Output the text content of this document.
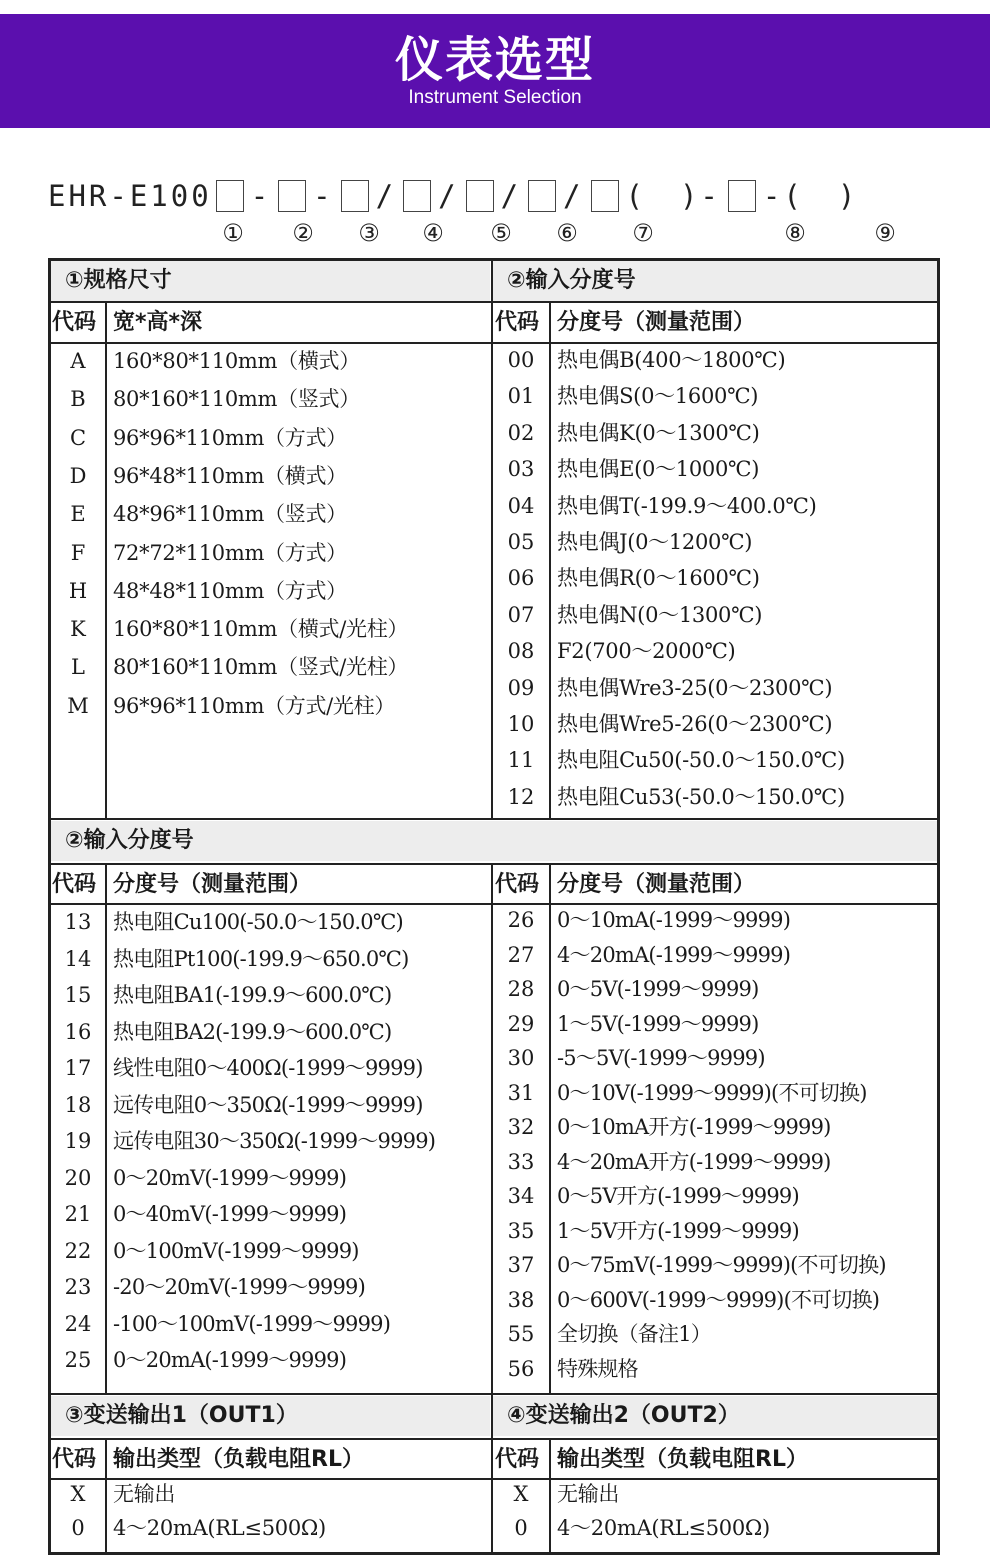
仪表选型
Instrument Selection
EHR-E100 - - / / / / ( )- -( )
① ② ③ ④ ⑤ ⑥ ⑦	⑧	⑨
①规格尺寸	②输入分度号
代码 宽*高*深	代码 分度号（测量范围）
A	160*80*110mm（横式）
B	80*160*110mm（竖式）
C	96*96*110mm（方式）
D	96*48*110mm（横式）
E	48*96*110mm（竖式）
F	72*72*110mm（方式）
H	48*48*110mm（方式）
K	160*80*110mm（横式/光柱）
L	80*160*110mm（竖式/光柱）
M	96*96*110mm（方式/光柱）
00	热电偶B(400～1800℃)
01	热电偶S(0～1600℃)
02	热电偶K(0～1300℃)
03	热电偶E(0～1000℃)
04	热电偶T(-199.9～400.0℃)
05	热电偶J(0～1200℃)
06	热电偶R(0～1600℃)
07	热电偶N(0～1300℃)
08	F2(700～2000℃)
09	热电偶Wre3-25(0～2300℃)
10	热电偶Wre5-26(0～2300℃)
11	热电阻Cu50(-50.0～150.0℃)
12	热电阻Cu53(-50.0～150.0℃)
②输入分度号
代码 分度号（测量范围）	代码 分度号（测量范围）
13	热电阻Cu100(-50.0～150.0℃)
14	热电阻Pt100(-199.9～650.0℃)
15	热电阻BA1(-199.9～600.0℃)
16	热电阻BA2(-199.9～600.0℃)
17	线性电阻0～400Ω(-1999～9999)
18	远传电阻0～350Ω(-1999～9999)
19	远传电阻30～350Ω(-1999～9999)
20	0～20mV(-1999～9999)
21	0～40mV(-1999～9999)
22	0～100mV(-1999～9999)
23	-20～20mV(-1999～9999)
24	-100～100mV(-1999～9999)
25	0～20mA(-1999～9999)
26	0～10mA(-1999～9999)
27	4～20mA(-1999～9999)
28	0～5V(-1999～9999)
29	1～5V(-1999～9999)
30	-5～5V(-1999～9999)
31	0～10V(-1999～9999)(不可切换)
32	0～10mA开方(-1999～9999)
33	4～20mA开方(-1999～9999)
34	0～5V开方(-1999～9999)
35	1～5V开方(-1999～9999)
37	0～75mV(-1999～9999)(不可切换)
38	0～600V(-1999～9999)(不可切换)
55	全切换（备注1）
56	特殊规格
③变送输出1（OUT1）	④变送输出2（OUT2）
代码 输出类型（负载电阻RL）	代码 输出类型（负载电阻RL）
X	无输出
0	4～20mA(RL≤500Ω)
X	无输出
0	4～20mA(RL≤500Ω)
